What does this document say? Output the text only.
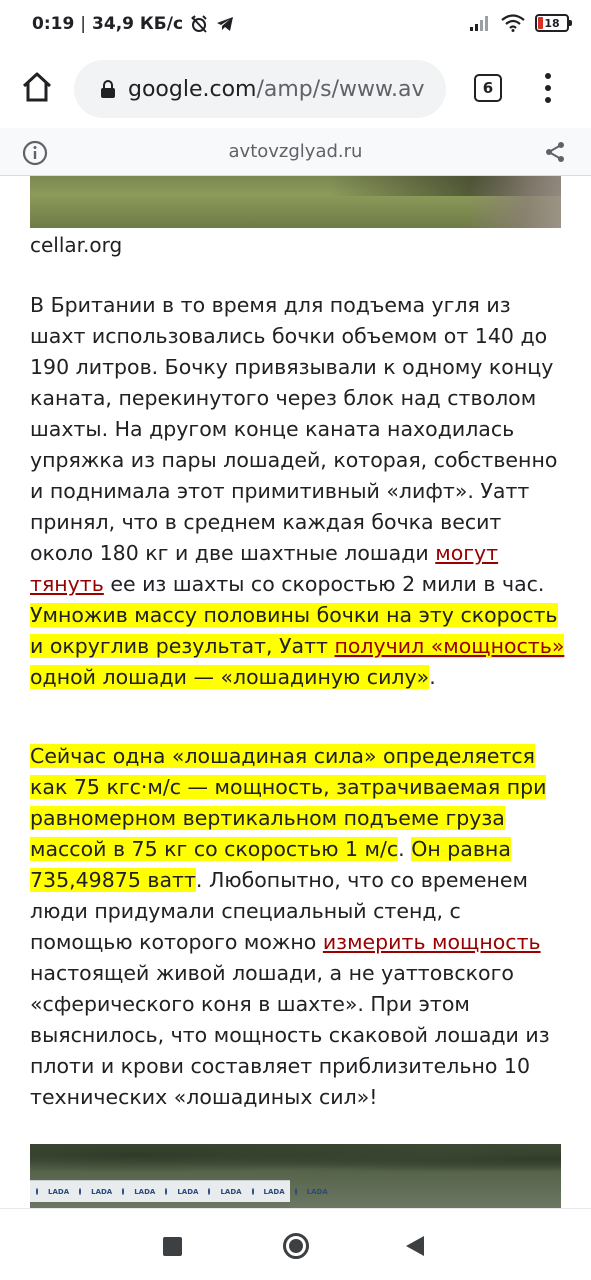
0:19 | 34,9 КБ/с	18
google.com/amp/s/www.av	6
avtovzglyad.ru
cellar.org

В Британии в то время для подъема угля из шахт использовались бочки объемом от 140 до 190 литров. Бочку привязывали к одному концу каната, перекинутого через блок над стволом шахты. На другом конце каната находилась упряжка из пары лошадей, которая, собственно и поднимала этот примитивный «лифт». Уатт принял, что в среднем каждая бочка весит около 180 кг и две шахтные лошади могут тянуть ее из шахты со скоростью 2 мили в час. Умножив массу половины бочки на эту скорость и округлив результат, Уатт получил «мощность» одной лошади — «лошадиную силу».

Сейчас одна «лошадиная сила» определяется как 75 кгс·м/с — мощность, затрачиваемая при равномерном вертикальном подъеме груза массой в 75 кг со скоростью 1 м/с. Он равна 735,49875 ватт. Любопытно, что со временем люди придумали специальный стенд, с помощью которого можно измерить мощность настоящей живой лошади, а не уаттовского «сферического коня в шахте». При этом выяснилось, что мощность скаковой лошади из плоти и крови составляет приблизительно 10 технических «лошадиных сил»!

LADA	LADA	LADA	LADA	LADA	LADA	LADA
